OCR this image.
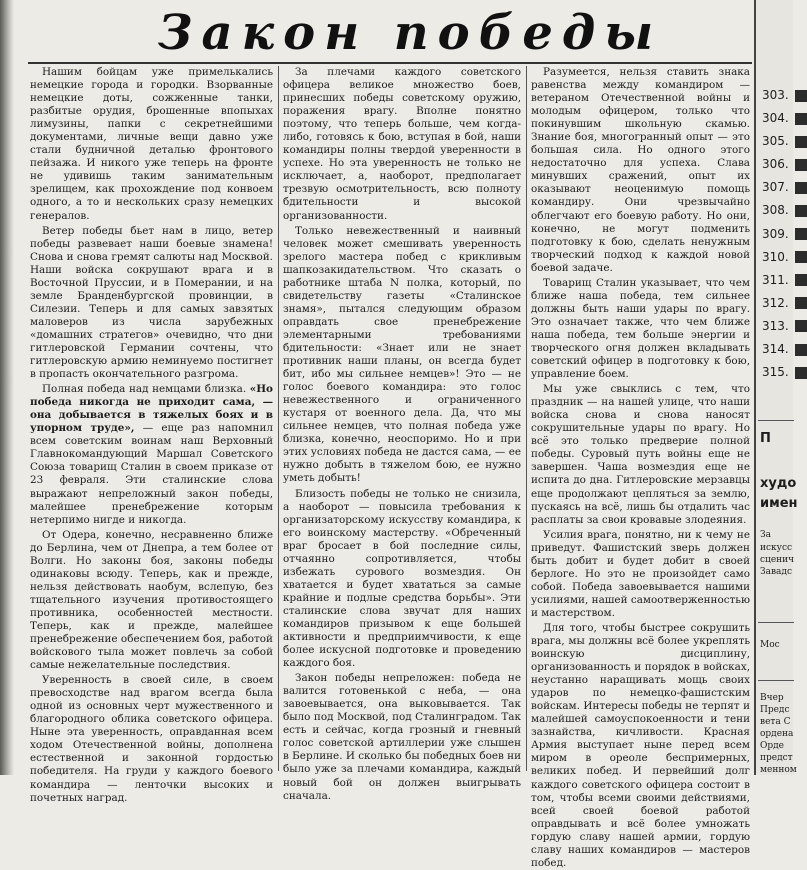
Закон победы

Нашим бойцам уже примелькались немецкие города и городки. Взорванные немецкие доты, сожженные танки, разбитые орудия, брошенные впопыхах лимузины, папки с секретнейшими документами, личные вещи давно уже стали будничной деталью фронтового пейзажа. И никого уже теперь на фронте не удивишь таким занимательным зрелищем, как прохождение под конвоем одного, а то и нескольких сразу немецких генералов.

Ветер победы бьет нам в лицо, ветер победы развевает наши боевые знамена! Снова и снова гремят салюты над Москвой. Наши войска сокрушают врага и в Восточной Пруссии, и в Померании, и на земле Бранденбургской провинции, в Силезии. Теперь и для самых завзятых маловеров из числа зарубежных «домашних стратегов» очевидно, что дни гитлеровской Германии сочтены, что гитлеровскую армию неминуемо постигнет в пропасть окончательного разгрома.

Полная победа над немцами близка. «Но победа никогда не приходит сама, — она добывается в тяжелых боях и в упорном труде», — еще раз напомнил всем советским воинам наш Верховный Главнокомандующий Маршал Советского Союза товарищ Сталин в своем приказе от 23 февраля. Эти сталинские слова выражают непреложный закон победы, малейшее пренебрежение которым нетерпимо нигде и никогда.

От Одера, конечно, несравненно ближе до Берлина, чем от Днепра, а тем более от Волги. Но законы боя, законы победы одинаковы всюду. Теперь, как и прежде, нельзя действовать наобум, вслепую, без тщательного изучения противостоящего противника, особенностей местности. Теперь, как и прежде, малейшее пренебрежение обеспечением боя, работой войскового тыла может повлечь за собой самые нежелательные последствия.

Уверенность в своей силе, в своем превосходстве над врагом всегда была одной из основных черт мужественного и благородного облика советского офицера. Ныне эта уверенность, оправданная всем ходом Отечественной войны, дополнена естественной и законной гордостью победителя. На груди у каждого боевого командира — ленточки высоких и почетных наград.

За плечами каждого советского офицера великое множество боев, принесших победы советскому оружию, поражения врагу. Вполне понятно поэтому, что теперь больше, чем когда-либо, готовясь к бою, вступая в бой, наши командиры полны твердой уверенности в успехе. Но эта уверенность не только не исключает, а, наоборот, предполагает трезвую осмотрительность, всю полноту бдительности и высокой организованности.

Только невежественный и наивный человек может смешивать уверенность зрелого мастера побед с крикливым шапкозакидательством. Что сказать о работнике штаба N полка, который, по свидетельству газеты «Сталинское знамя», пытался следующим образом оправдать свое пренебрежение элементарными требованиями бдительности: «Знает или не знает противник наши планы, он всегда будет бит, ибо мы сильнее немцев»! Это — не голос боевого командира: это голос невежественного и ограниченного кустаря от военного дела. Да, что мы сильнее немцев, что полная победа уже близка, конечно, неоспоримо. Но и при этих условиях победа не дастся сама, — ее нужно добыть в тяжелом бою, ее нужно уметь добыть!

Близость победы не только не снизила, а наоборот — повысила требования к организаторскому искусству командира, к его воинскому мастерству. «Обреченный враг бросает в бой последние силы, отчаянно сопротивляется, чтобы избежать сурового возмездия. Он хватается и будет хвататься за самые крайние и подлые средства борьбы». Эти сталинские слова звучат для наших командиров призывом к еще большей активности и предприимчивости, к еще более искусной подготовке и проведению каждого боя.

Закон победы непреложен: победа не валится готовенькой с неба, — она завоевывается, она выковывается. Так было под Москвой, под Сталинградом. Так есть и сейчас, когда грозный и гневный голос советской артиллерии уже слышен в Берлине. И сколько бы победных боев ни было уже за плечами командира, каждый новый бой он должен выигрывать сначала.

Разумеется, нельзя ставить знака равенства между командиром — ветераном Отечественной войны и молодым офицером, только что покинувшим школьную скамью. Знание боя, многогранный опыт — это большая сила. Но одного этого недостаточно для успеха. Слава минувших сражений, опыт их оказывают неоценимую помощь командиру. Они чрезвычайно облегчают его боевую работу. Но они, конечно, не могут подменить подготовку к бою, сделать ненужным творческий подход к каждой новой боевой задаче.

Товарищ Сталин указывает, что чем ближе наша победа, тем сильнее должны быть наши удары по врагу. Это означает также, что чем ближе наша победа, тем больше энергии и творческого огня должен вкладывать советский офицер в подготовку к бою, управление боем.

Мы уже свыклись с тем, что праздник — на нашей улице, что наши войска снова и снова наносят сокрушительные удары по врагу. Но всё это только предверие полной победы. Суровый путь войны еще не завершен. Чаша возмездия еще не испита до дна. Гитлеровские мерзавцы еще продолжают цепляться за землю, пускаясь на всё, лишь бы отдалить час расплаты за свои кровавые злодеяния.

Усилия врага, понятно, ни к чему не приведут. Фашистский зверь должен быть добит и будет добит в своей берлоге. Но это не произойдет само собой. Победа завоевывается нашими усилиями, нашей самоотверженностью и мастерством.

Для того, чтобы быстрее сокрушить врага, мы должны всё более укреплять воинскую дисциплину, организованность и порядок в войсках, неустанно наращивать мощь своих ударов по немецко-фашистским войскам. Интересы победы не терпят и малейшей самоуспокоенности и тени зазнайства, кичливости. Красная Армия выступает ныне перед всем миром в ореоле беспримерных, великих побед. И первейший долг каждого советского офицера состоит в том, чтобы всеми своими действиями, всей своей боевой работой оправдывать и всё более умножать гордую славу нашей армии, гордую славу наших командиров — мастеров побед.

303.
304.
305.
306.
307.
308.
309.
310.
311.
312.
313.
314.
315.
П
худо
имен
За
искусс
сценич
Завадс
Мос
Вчер
Предс
вета С
ордена
Орде
предст
менном
